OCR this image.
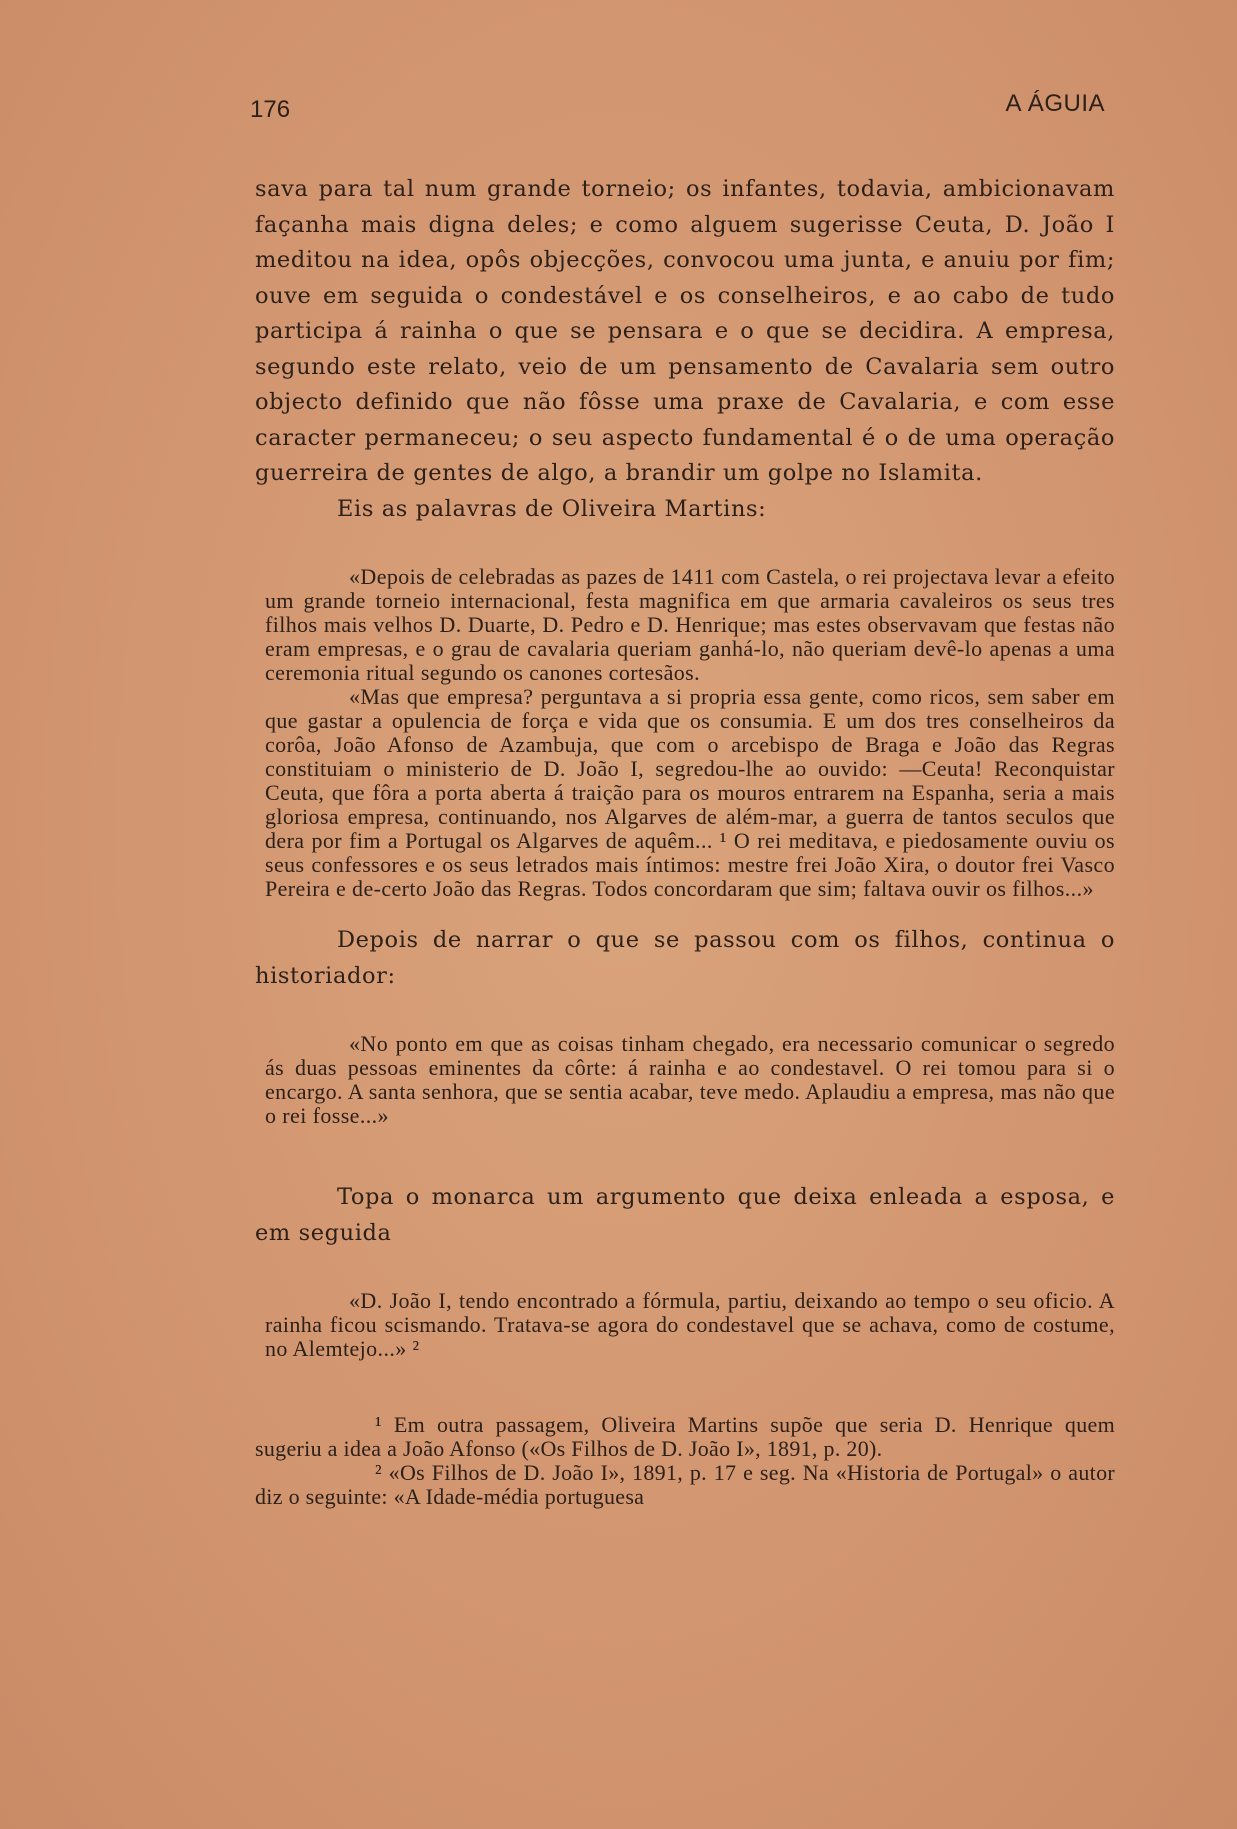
176	A ÁGUIA

sava para tal num grande torneio; os infantes, todavia, ambicionavam façanha mais digna deles; e como alguem sugerisse Ceuta, D. João I meditou na idea, opôs objecções, convocou uma junta, e anuiu por fim; ouve em seguida o condestável e os conselheiros, e ao cabo de tudo participa á rainha o que se pensara e o que se decidira. A empresa, segundo este relato, veio de um pensamento de Cavalaria sem outro objecto definido que não fôsse uma praxe de Cavalaria, e com esse caracter permaneceu; o seu aspecto fundamental é o de uma operação guerreira de gentes de algo, a brandir um golpe no Islamita.

Eis as palavras de Oliveira Martins:

«Depois de celebradas as pazes de 1411 com Castela, o rei projectava levar a efeito um grande torneio internacional, festa magnifica em que armaria cavaleiros os seus tres filhos mais velhos D. Duarte, D. Pedro e D. Henrique; mas estes observavam que festas não eram empresas, e o grau de cavalaria queriam ganhá-lo, não queriam devê-lo apenas a uma ceremonia ritual segundo os canones cortesãos.

«Mas que empresa? perguntava a si propria essa gente, como ricos, sem saber em que gastar a opulencia de força e vida que os consumia. E um dos tres conselheiros da corôa, João Afonso de Azambuja, que com o arcebispo de Braga e João das Regras constituiam o ministerio de D. João I, segredou-lhe ao ouvido: —Ceuta! Reconquistar Ceuta, que fôra a porta aberta á traição para os mouros entrarem na Espanha, seria a mais gloriosa empresa, continuando, nos Algarves de além-mar, a guerra de tantos seculos que dera por fim a Portugal os Algarves de aquêm... ¹ O rei meditava, e piedosamente ouviu os seus confessores e os seus letrados mais íntimos: mestre frei João Xira, o doutor frei Vasco Pereira e de-certo João das Regras. Todos concordaram que sim; faltava ouvir os filhos...»

Depois de narrar o que se passou com os filhos, continua o historiador:

«No ponto em que as coisas tinham chegado, era necessario comunicar o segredo ás duas pessoas eminentes da côrte: á rainha e ao condestavel. O rei tomou para si o encargo. A santa senhora, que se sentia acabar, teve medo. Aplaudiu a empresa, mas não que o rei fosse...»

Topa o monarca um argumento que deixa enleada a esposa, e em seguida

«D. João I, tendo encontrado a fórmula, partiu, deixando ao tempo o seu oficio. A rainha ficou scismando. Tratava-se agora do condestavel que se achava, como de costume, no Alemtejo...» ²

¹ Em outra passagem, Oliveira Martins supõe que seria D. Henrique quem sugeriu a idea a João Afonso («Os Filhos de D. João I», 1891, p. 20).

² «Os Filhos de D. João I», 1891, p. 17 e seg. Na «Historia de Portugal» o autor diz o seguinte: «A Idade-média portuguesa
